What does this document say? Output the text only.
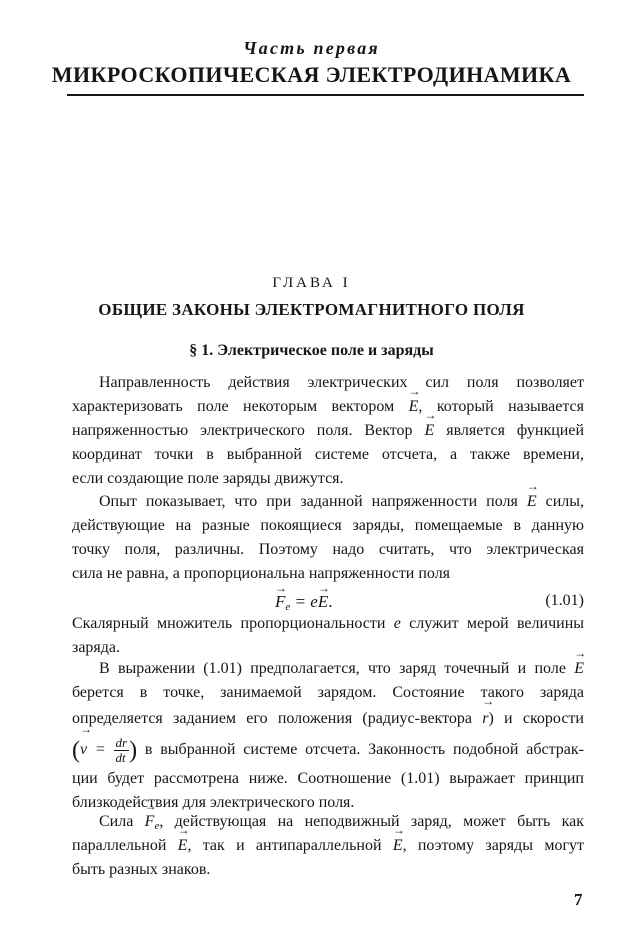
Часть первая
МИКРОСКОПИЧЕСКАЯ ЭЛЕКТРОДИНАМИКА
ГЛАВА I
ОБЩИЕ ЗАКОНЫ ЭЛЕКТРОМАГНИТНОГО ПОЛЯ
§ 1. Электрическое поле и заряды
Направленность действия электрических сил поля позволяет
характеризовать поле некоторым вектором → E, который называется
напряженностью электрического поля. Вектор → E является функцией
координат точки в выбранной системе отсчета, а также времени,
если создающие поле заряды движутся.
Опыт показывает, что при заданной напряженности поля → E силы,
действующие на разные покоящиеся заряды, помещаемые в данную
точку поля, различны. Поэтому надо считать, что электрическая
сила не равна, а пропорциональна напряженности поля
→ $F_e = e\to E$.	(1.01)
Скалярный множитель пропорциональности e служит мерой величины
заряда.
В выражении (1.01) предполагается, что заряд точечный и поле → E
берется в точке, занимаемой зарядом. Состояние такого заряда
определяется заданием его положения (радиус-вектора → r) и скорости
(→ $v = \frac{dr}{dt}$ ) в выбранной системе отсчета. Законность подобной абстрак-
ции будет рассмотрена ниже. Соотношение (1.01) выражает принцип
близкодействия для электрического поля.
Сила → $F_e$, действующая на неподвижный заряд, может быть как
параллельной → E, так и антипараллельной → E, поэтому заряды могут
быть разных знаков.
7
